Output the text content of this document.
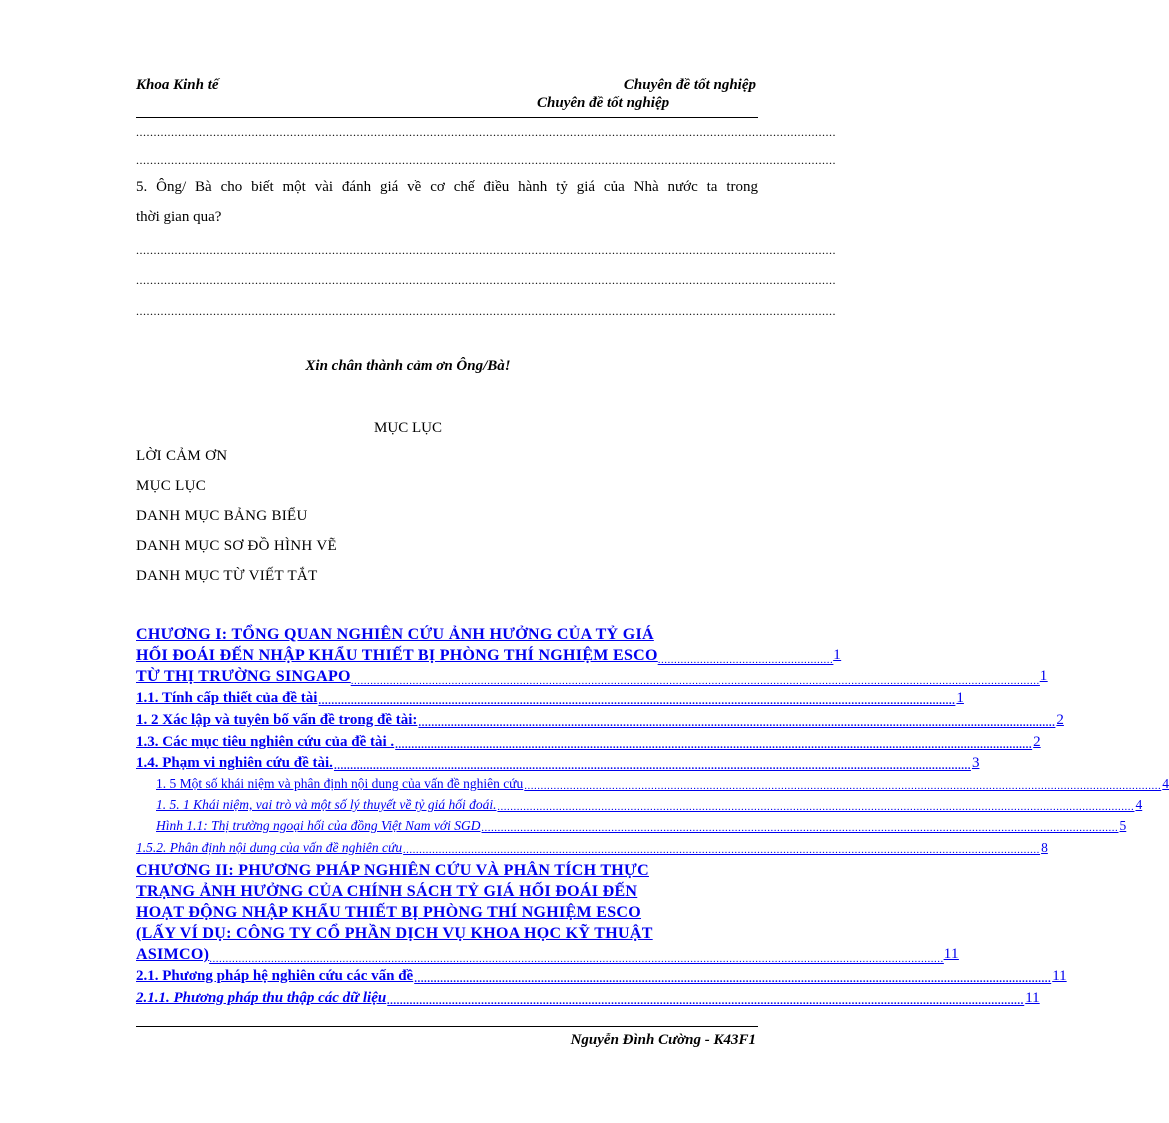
Khoa Kinh tế	Chuyên đề tốt nghiệp
Chuyên đề tốt nghiệp
........................................................................................................................................................................................................
........................................................................................................................................................................................................
5. Ông/ Bà cho biết một vài đánh giá về cơ chế điều hành tỷ giá của Nhà nước ta trong
thời gian qua?
........................................................................................................................................................................................................
........................................................................................................................................................................................................
........................................................................................................................................................................................................
Xin chân thành cảm ơn Ông/Bà!
MỤC LỤC
LỜI CẢM ƠN
MỤC LỤC
DANH MỤC BẢNG BIỂU
DANH MỤC SƠ ĐỒ HÌNH VẼ
DANH MỤC TỪ VIẾT TẮT
CHƯƠNG I: TỔNG QUAN NGHIÊN CỨU ẢNH HƯỞNG CỦA TỶ GIÁ
HỐI ĐOÁI ĐẾN NHẬP KHẨU THIẾT BỊ PHÒNG THÍ NGHIỆM ESCO ...................................................... 1
TỪ THỊ TRƯỜNG SINGAPO .................................................................................................................................................................................................................... 1
1.1. Tính cấp thiết của đề tài .................................................................................................................................................................................................... 1
1. 2 Xác lập và tuyên bố vấn đề trong đề tài: .................................................................................................................................................................................................... 2
1.3. Các mục tiêu nghiên cứu của đề tài . .................................................................................................................................................................................................... 2
1.4. Phạm vi nghiên cứu đề tài. .................................................................................................................................................................................................... 3
1. 5 Một số khái niệm và phân định nội dung của vấn đề nghiên cứu .................................................................................................................................................................................................... 4
1. 5. 1 Khái niệm, vai trò và một số lý thuyết về tỷ giá hối đoái. .................................................................................................................................................................................................... 4
Hình 1.1: Thị trường ngoại hối của đồng Việt Nam với SGD .................................................................................................................................................................................................... 5
1.5.2. Phân định nội dung của vấn đề nghiên cứu .................................................................................................................................................................................................... 8
CHƯƠNG II: PHƯƠNG PHÁP NGHIÊN CỨU VÀ PHÂN TÍCH THỰC
TRẠNG ẢNH HƯỞNG CỦA CHÍNH SÁCH TỶ GIÁ HỐI ĐOÁI ĐẾN
HOẠT ĐỘNG NHẬP KHẨU THIẾT BỊ PHÒNG THÍ NGHIỆM ESCO
(LẤY VÍ DỤ: CÔNG TY CỔ PHẦN DỊCH VỤ KHOA HỌC KỸ THUẬT
ASIMCO) .................................................................................................................................................................................................................................. 11
2.1. Phương pháp hệ nghiên cứu các vấn đề .................................................................................................................................................................................................... 11
2.1.1. Phương pháp thu thập các dữ liệu .................................................................................................................................................................................................... 11
Nguyễn Đình Cường - K43F1
